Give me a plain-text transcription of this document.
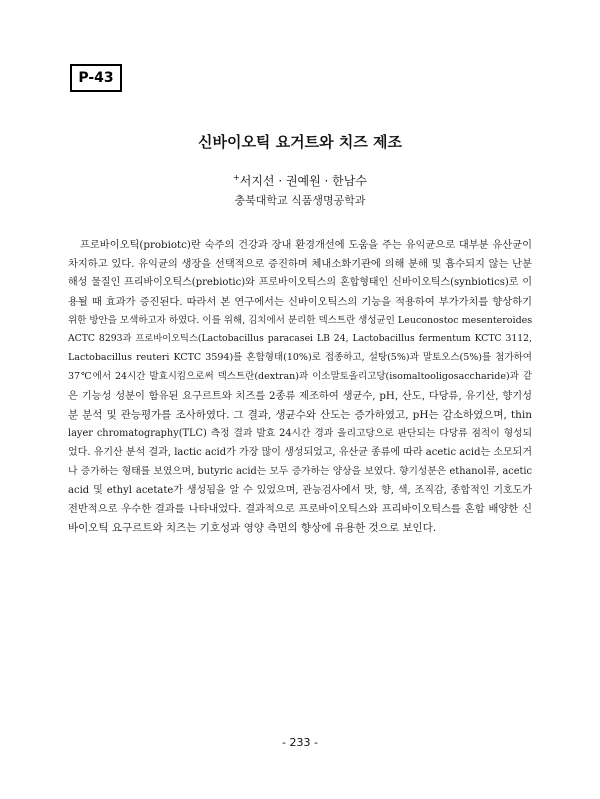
P-43
신바이오틱 요거트와 치즈 제조
+서지선 · 권예원 · 한남수
충북대학교 식품생명공학과
프로바이오틱(probiotc)란 숙주의 건강과 장내 환경개선에 도움을 주는 유익균으로 대부분 유산균이
차지하고 있다. 유익균의 생장을 선택적으로 증진하며 체내소화기관에 의해 분해 및 흡수되지 않는 난분
해성 물질인 프리바이오틱스(prebiotic)와 프로바이오틱스의 혼합형태인 신바이오틱스(synbiotics)로 이
용될 때 효과가 증진된다. 따라서 본 연구에서는 신바이오틱스의 기능을 적용하여 부가가치를 향상하기
위한 방안을 모색하고자 하였다. 이를 위해, 김치에서 분리한 덱스트란 생성균인 Leuconostoc mesenteroides
ACTC 8293과 프로바이오틱스(Lactobacillus paracasei LB 24, Lactobacillus fermentum KCTC 3112,
Lactobacillus reuteri KCTC 3594)를 혼합형태(10%)로 접종하고, 설탕(5%)과 말토오스(5%)를 첨가하여
37℃에서 24시간 발효시킴으로써 덱스트란(dextran)과 이소말토올리고당(isomaltooligosaccharide)과 같
은 기능성 성분이 함유된 요구르트와 치즈를 2종류 제조하여 생균수, pH, 산도, 다당류, 유기산, 향기성
분 분석 및 관능평가를 조사하였다. 그 결과, 생균수와 산도는 증가하였고, pH는 감소하였으며, thin
layer chromatography(TLC) 측정 결과 발효 24시간 경과 올리고당으로 판단되는 다당류 점적이 형성되
었다. 유기산 분석 결과, lactic acid가 가장 많이 생성되었고, 유산균 종류에 따라 acetic acid는 소모되거
나 증가하는 형태를 보였으며, butyric acid는 모두 증가하는 양상을 보였다. 향기성분은 ethanol류, acetic
acid 및 ethyl acetate가 생성됨을 알 수 있었으며, 관능검사에서 맛, 향, 색, 조직감, 종합적인 기호도가
전반적으로 우수한 결과를 나타내었다. 결과적으로 프로바이오틱스와 프리바이오틱스를 혼합 배양한 신
바이오틱 요구르트와 치즈는 기호성과 영양 측면의 향상에 유용한 것으로 보인다.
- 233 -
